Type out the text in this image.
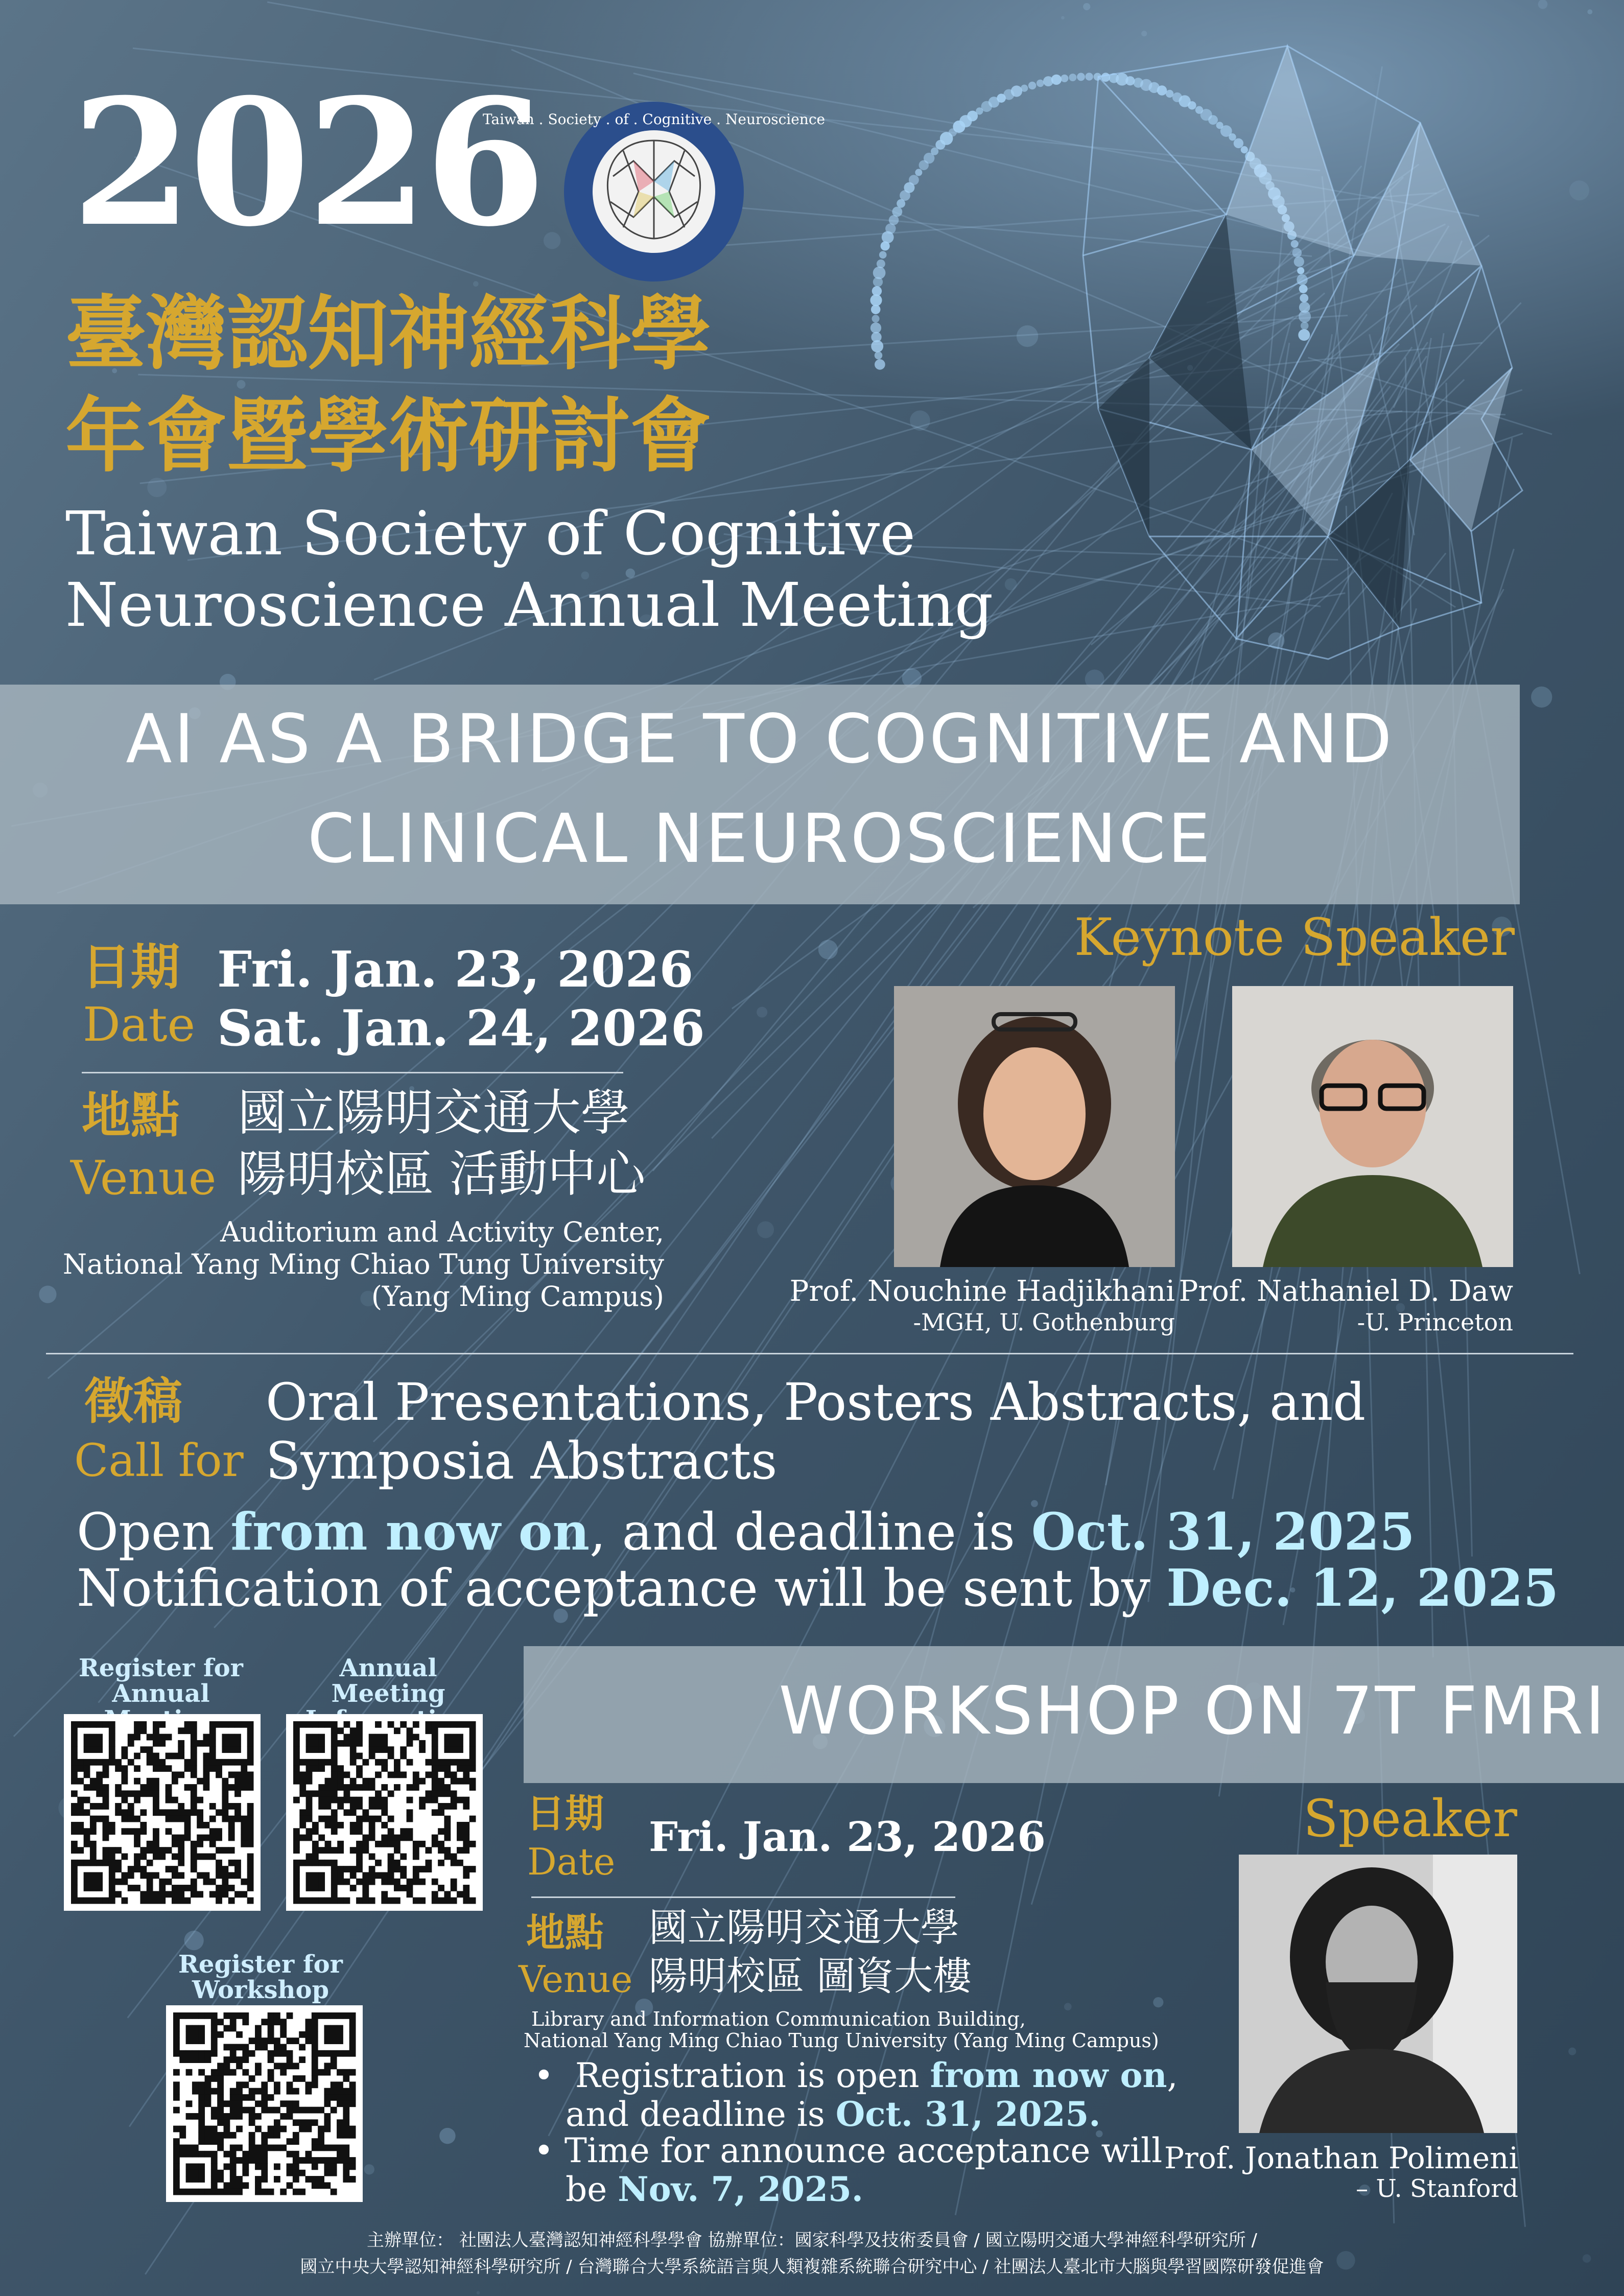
Taiwan . Society . of . Cognitive . Neuroscience
2026
臺灣認知神經科學
年會暨學術研討會
Taiwan Society of Cognitive
Neuroscience Annual Meeting
AI AS A BRIDGE TO COGNITIVE AND
CLINICAL NEUROSCIENCE
日期
Date
Fri. Jan. 23, 2026
Sat. Jan. 24, 2026
地點
Venue
國立陽明交通大學
陽明校區 活動中心
Auditorium and Activity Center,
National Yang Ming Chiao Tung University
(Yang Ming Campus)
Keynote Speaker
Prof. Nouchine Hadjikhani
-MGH, U. Gothenburg
Prof. Nathaniel D. Daw
-U. Princeton
徵稿
Call for
Oral Presentations, Posters Abstracts, and
Symposia Abstracts
Open from now on, and deadline is Oct. 31, 2025
Notification of acceptance will be sent by Dec. 12, 2025
Register for
Annual
Annual Meeting
Register for
Workshop
WORKSHOP ON 7T FMRI
日期
Date
Fri. Jan. 23, 2026
地點
Venue
國立陽明交通大學
陽明校區 圖資大樓
Library and Information Communication Building,
National Yang Ming Chiao Tung University (Yang Ming Campus)
•  Registration is open from now on,
and deadline is Oct. 31, 2025.
• Time for announce acceptance will
be Nov. 7, 2025.
Speaker
Prof. Jonathan Polimeni
– U. Stanford
主辦單位： 社團法人臺灣認知神經科學學會 協辦單位：國家科學及技術委員會 / 國立陽明交通大學神經科學研究所 /
國立中央大學認知神經科學研究所 / 台灣聯合大學系統語言與人類複雜系統聯合研究中心 / 社團法人臺北市大腦與學習國際研發促進會
